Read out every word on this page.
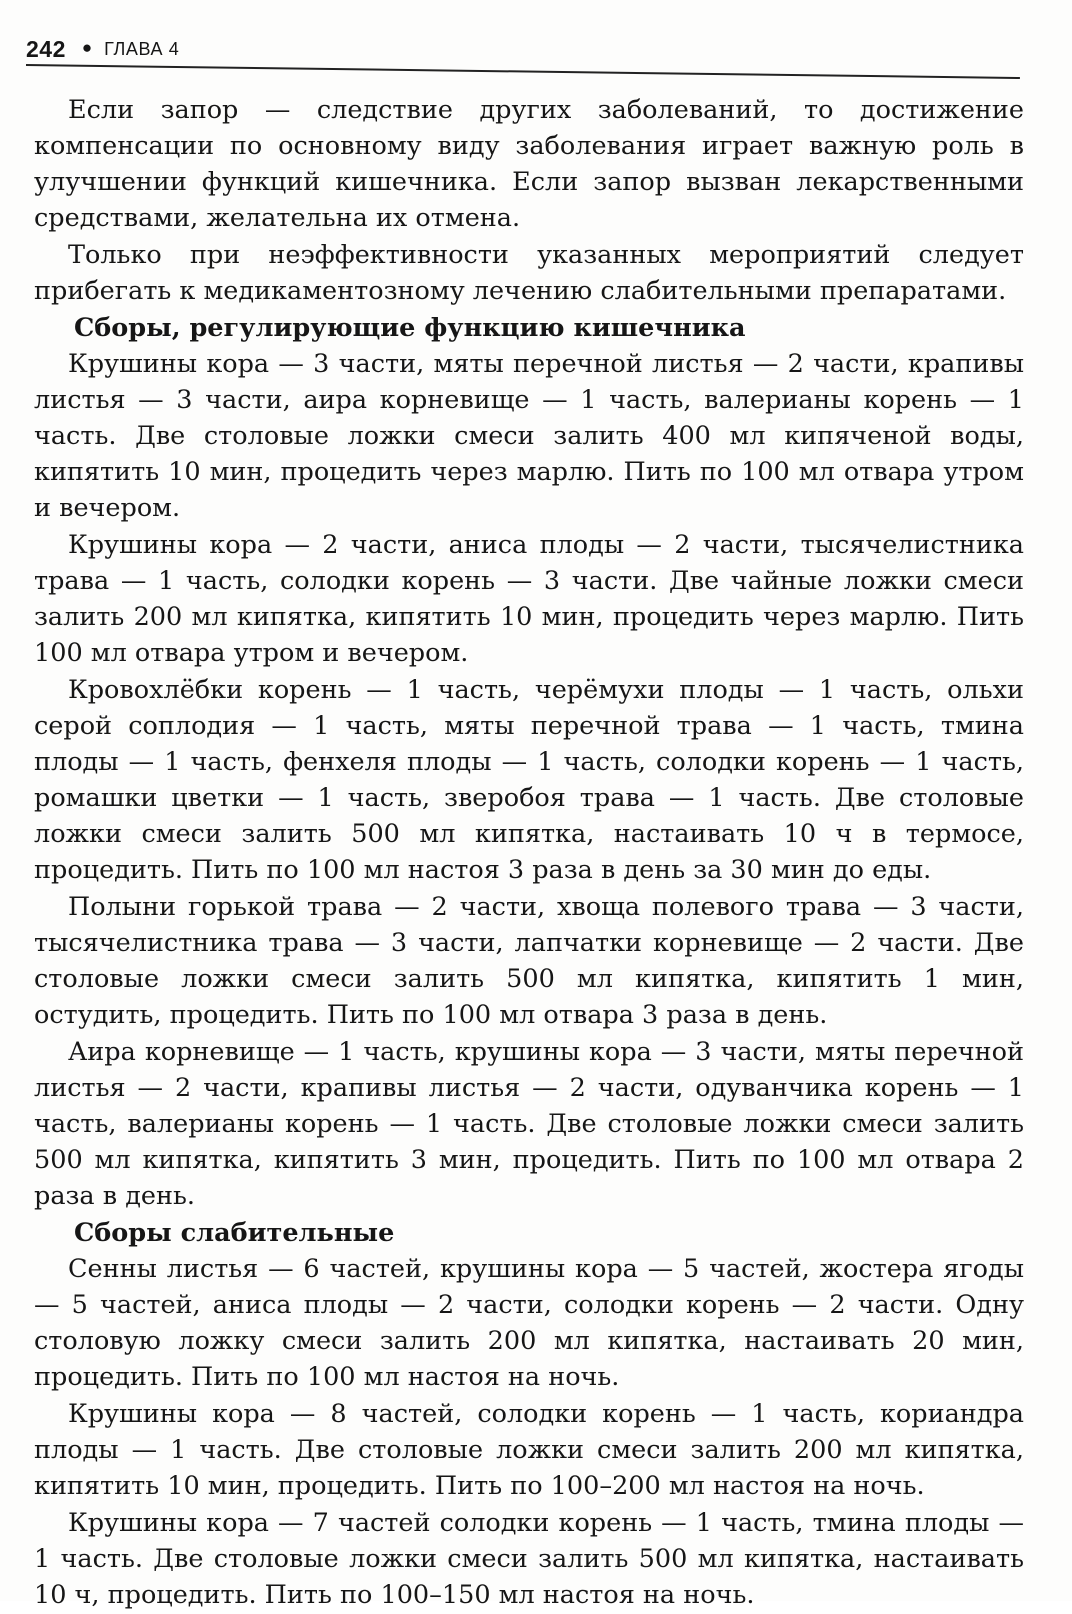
242 ● ГЛАВА 4

Если запор — следствие других заболеваний, то достижение компенсации по основному виду заболевания играет важную роль в улучшении функций кишечника. Если запор вызван лекарственными средствами, желательна их отмена.

Только при неэффективности указанных мероприятий следует прибегать к медикаментозному лечению слабительными препаратами.

Сборы, регулирующие функцию кишечника

Крушины кора — 3 части, мяты перечной листья — 2 части, крапивы листья — 3 части, аира корневище — 1 часть, валерианы корень — 1 часть. Две столовые ложки смеси залить 400 мл кипяченой воды, кипятить 10 мин, процедить через марлю. Пить по 100 мл отвара утром и вечером.

Крушины кора — 2 части, аниса плоды — 2 части, тысячелистника трава — 1 часть, солодки корень — 3 части. Две чайные ложки смеси залить 200 мл кипятка, кипятить 10 мин, процедить через марлю. Пить 100 мл отвара утром и вечером.

Кровохлёбки корень — 1 часть, черёмухи плоды — 1 часть, ольхи серой соплодия — 1 часть, мяты перечной трава — 1 часть, тмина плоды — 1 часть, фенхеля плоды — 1 часть, солодки корень — 1 часть, ромашки цветки — 1 часть, зверобоя трава — 1 часть. Две столовые ложки смеси залить 500 мл кипятка, настаивать 10 ч в термосе, процедить. Пить по 100 мл настоя 3 раза в день за 30 мин до еды.

Полыни горькой трава — 2 части, хвоща полевого трава — 3 части, тысячелистника трава — 3 части, лапчатки корневище — 2 части. Две столовые ложки смеси залить 500 мл кипятка, кипятить 1 мин, остудить, процедить. Пить по 100 мл отвара 3 раза в день.

Аира корневище — 1 часть, крушины кора — 3 части, мяты перечной листья — 2 части, крапивы листья — 2 части, одуванчика корень — 1 часть, валерианы корень — 1 часть. Две столовые ложки смеси залить 500 мл кипятка, кипятить 3 мин, процедить. Пить по 100 мл отвара 2 раза в день.

Сборы слабительные

Сенны листья — 6 частей, крушины кора — 5 частей, жостера ягоды — 5 частей, аниса плоды — 2 части, солодки корень — 2 части. Одну столовую ложку смеси залить 200 мл кипятка, настаивать 20 мин, процедить. Пить по 100 мл настоя на ночь.

Крушины кора — 8 частей, солодки корень — 1 часть, кориандра плоды — 1 часть. Две столовые ложки смеси залить 200 мл кипятка, кипятить 10 мин, процедить. Пить по 100–200 мл настоя на ночь.

Крушины кора — 7 частей солодки корень — 1 часть, тмина плоды — 1 часть. Две столовые ложки смеси залить 500 мл кипятка, настаивать 10 ч, процедить. Пить по 100–150 мл настоя на ночь.
